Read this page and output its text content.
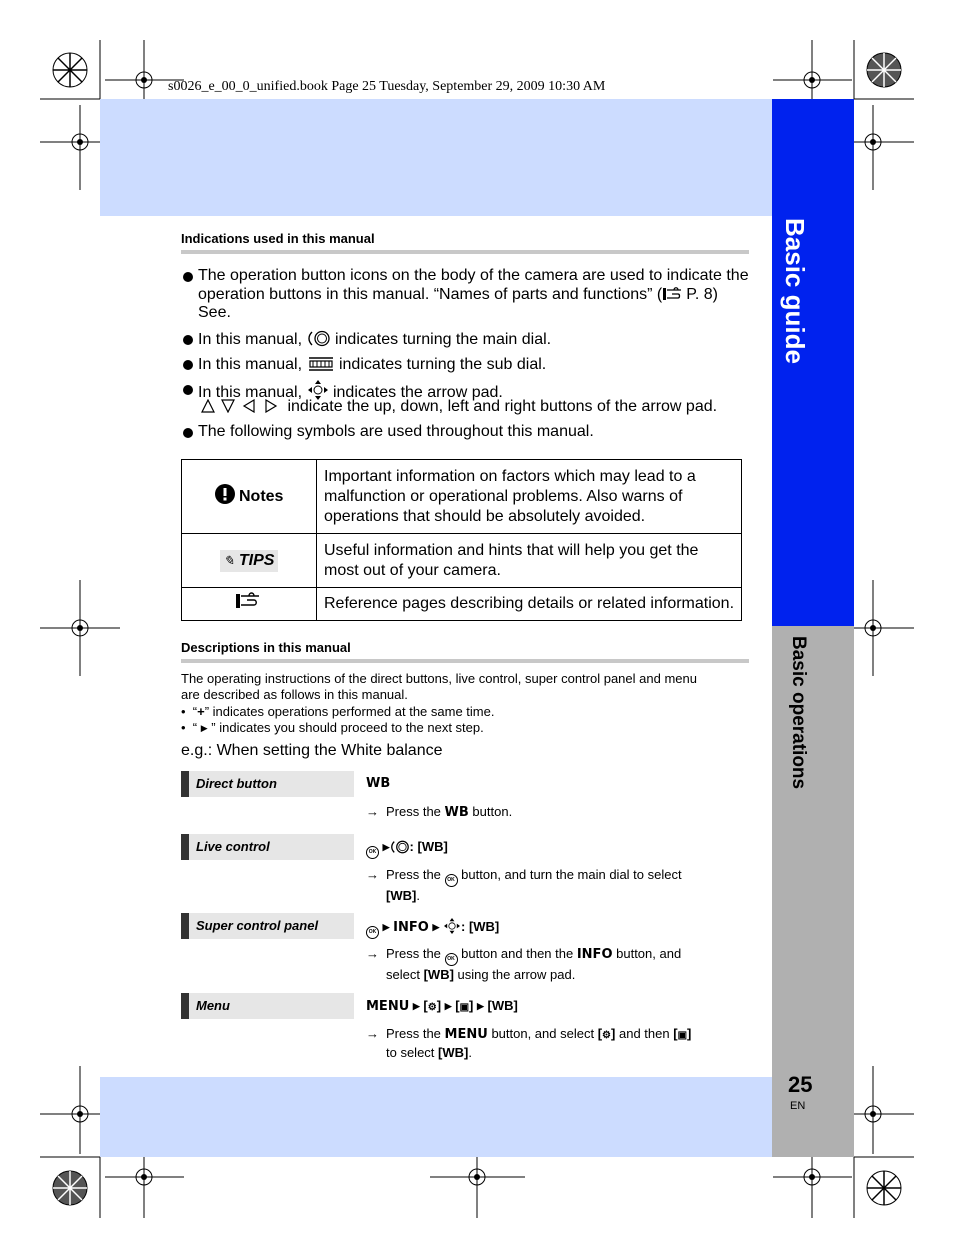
s0026_e_00_0_unified.book Page 25 Tuesday, September 29, 2009 10:30 AM
Basic guide
Basic operations
25
EN
Indications used in this manual
The operation button icons on the body of the camera are used to indicate the
operation buttons in this manual. “Names of parts and functions” ( P. 8)
See.
In this manual, indicates turning the main dial.
In this manual, indicates turning the sub dial.
In this manual, indicates the arrow pad.
indicate the up, down, left and right buttons of the arrow pad.
The following symbols are used throughout this manual.
Notes	Important information on factors which may lead to a
malfunction or operational problems. Also warns of
operations that should be absolutely avoided.

✎ TIPS	Useful information and hints that will help you get the
most out of your camera.

	Reference pages describing details or related information.
Descriptions in this manual
The operating instructions of the direct buttons, live control, super control panel and menu
are described as follows in this manual.
•  “+” indicates operations performed at the same time.
•  “ ▶ ” indicates you should proceed to the next step.
e.g.: When setting the White balance
Direct button	WB
→ Press the WB button.
Live control	OK ▶ : [WB]
→ Press the OK button, and turn the main dial to select
[WB].
Super control panel	OK ▶ INFO ▶ : [WB]
→ Press the OK button and then the INFO button, and
select [WB] using the arrow pad.
Menu	MENU ▶ [⚙] ▶ [▣] ▶ [WB]
→ Press the MENU button, and select [⚙] and then [▣]
to select [WB].
